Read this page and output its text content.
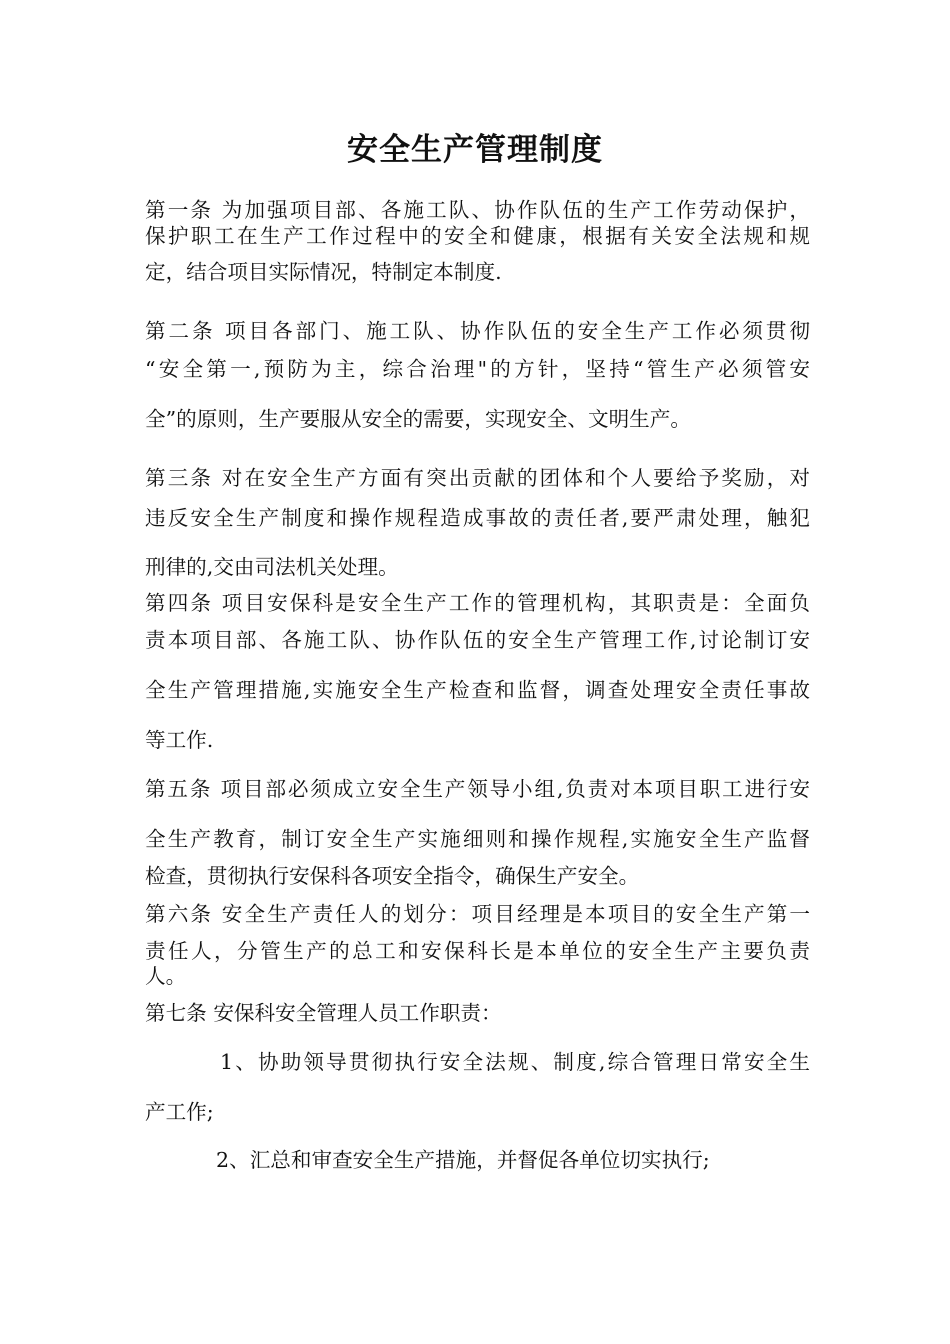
安全生产管理制度
第一条 为加强项目部、各施工队、协作队伍的生产工作劳动保护，
保护职工在生产工作过程中的安全和健康，根据有关安全法规和规
定，结合项目实际情况，特制定本制度.
第二条 项目各部门、施工队、协作队伍的安全生产工作必须贯彻
“安全第一,预防为主，综合治理"的方针，坚持“管生产必须管安
全”的原则，生产要服从安全的需要，实现安全、文明生产。
第三条 对在安全生产方面有突出贡献的团体和个人要给予奖励，对
违反安全生产制度和操作规程造成事故的责任者,要严肃处理，触犯
刑律的,交由司法机关处理。
第四条 项目安保科是安全生产工作的管理机构，其职责是：全面负
责本项目部、各施工队、协作队伍的安全生产管理工作,讨论制订安
全生产管理措施,实施安全生产检查和监督，调查处理安全责任事故
等工作.
第五条 项目部必须成立安全生产领导小组,负责对本项目职工进行安
全生产教育，制订安全生产实施细则和操作规程,实施安全生产监督
检查，贯彻执行安保科各项安全指令，确保生产安全。
第六条 安全生产责任人的划分：项目经理是本项目的安全生产第一
责任人，分管生产的总工和安保科长是本单位的安全生产主要负责
人。
第七条 安保科安全管理人员工作职责：
1、协助领导贯彻执行安全法规、制度,综合管理日常安全生
产工作;
2、汇总和审查安全生产措施，并督促各单位切实执行;
